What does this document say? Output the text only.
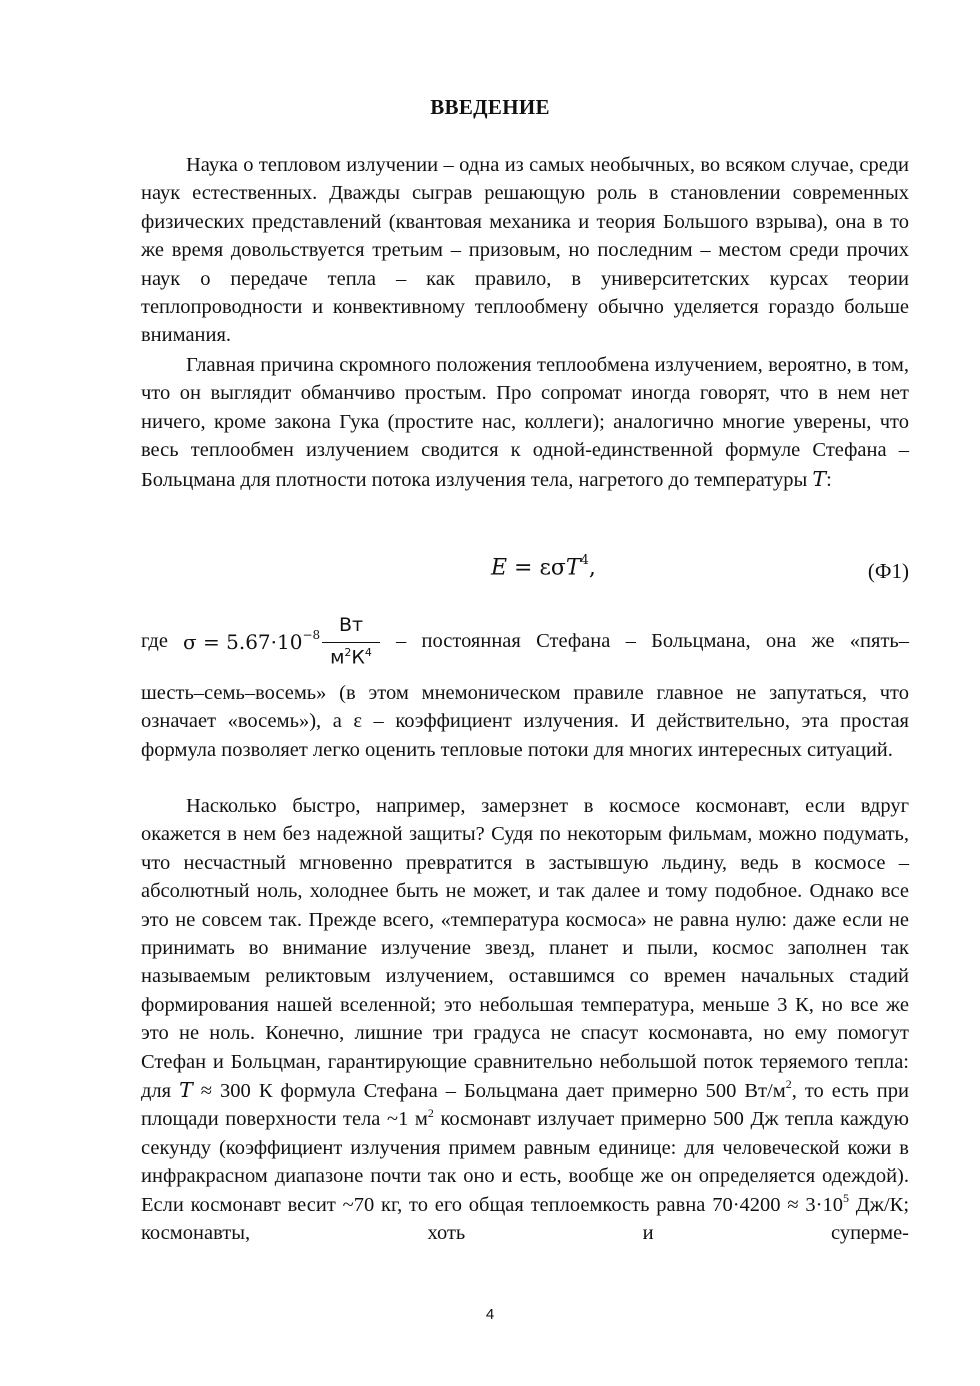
ВВЕДЕНИЕ
Наука о тепловом излучении – одна из самых необычных, во всяком случае, среди наук естественных. Дважды сыграв решающую роль в становлении современных физических представлений (квантовая механика и теория Большого взрыва), она в то же время довольствуется третьим – призовым, но последним – местом среди прочих наук о передаче тепла – как правило, в университетских курсах теории теплопроводности и конвективному теплообмену обычно уделяется гораздо больше внимания.
Главная причина скромного положения теплообмена излучением, вероятно, в том, что он выглядит обманчиво простым. Про сопромат иногда говорят, что в нем нет ничего, кроме закона Гука (простите нас, коллеги); аналогично многие уверены, что весь теплообмен излучением сводится к одной-единственной формуле Стефана – Больцмана для плотности потока излучения тела, нагретого до температуры T:
E = εσT$^4$,	(Ф1)
где $\sigma = 5.67\cdot 10^{-8}$ Вт
$м^2К^4$
– постоянная Стефана – Больцмана, она же «пять–
шесть–семь–восемь» (в этом мнемоническом правиле главное не запутаться, что означает «восемь»), а ε – коэффициент излучения. И действительно, эта простая формула позволяет легко оценить тепловые потоки для многих интересных ситуаций.
Насколько быстро, например, замерзнет в космосе космонавт, если вдруг окажется в нем без надежной защиты? Судя по некоторым фильмам, можно подумать, что несчастный мгновенно превратится в застывшую льдину, ведь в космосе – абсолютный ноль, холоднее быть не может, и так далее и тому подобное. Однако все это не совсем так. Прежде всего, «температура космоса» не равна нулю: даже если не принимать во внимание излучение звезд, планет и пыли, космос заполнен так называемым реликтовым излучением, оставшимся со времен начальных стадий формирования нашей вселенной; это небольшая температура, меньше 3 К, но все же это не ноль. Конечно, лишние три градуса не спасут космонавта, но ему помогут Стефан и Больцман, гарантирующие сравнительно небольшой поток теряемого тепла: для T ≈ 300 К формула Стефана – Больцмана дает примерно 500 $Вт/м^2$, то есть при площади поверхности тела ~1 $м^2$ космонавт излучает примерно 500 Дж тепла каждую секунду (коэффициент излучения примем равным единице: для человеческой кожи в инфракрасном диапазоне почти так оно и есть, вообще же он определяется одеждой). Если космонавт весит ~70 кг, то его общая теплоемкость равна $70\cdot 4200 \approx 3\cdot 10^5$ Дж/К; космонавты, хоть и суперме-
4
